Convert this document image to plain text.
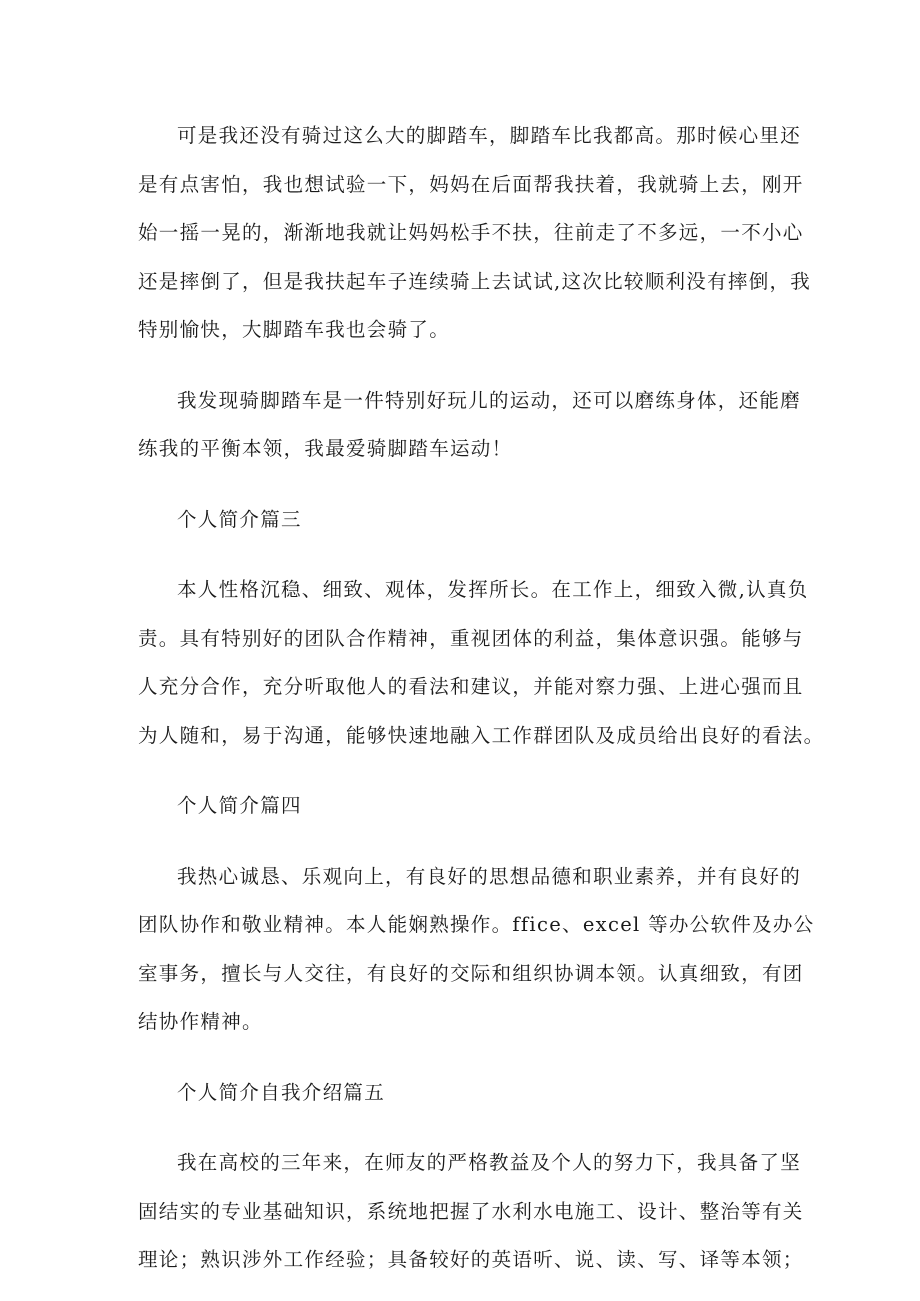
可是我还没有骑过这么大的脚踏车，脚踏车比我都高。那时候心里还
是有点害怕，我也想试验一下，妈妈在后面帮我扶着，我就骑上去，刚开
始一摇一晃的，渐渐地我就让妈妈松手不扶，往前走了不多远，一不小心
还是摔倒了，但是我扶起车子连续骑上去试试,这次比较顺利没有摔倒，我
特别愉快，大脚踏车我也会骑了。

我发现骑脚踏车是一件特别好玩儿的运动，还可以磨练身体，还能磨
练我的平衡本领，我最爱骑脚踏车运动！

个人简介篇三

本人性格沉稳、细致、观体，发挥所长。在工作上，细致入微,认真负
责。具有特别好的团队合作精神，重视团体的利益，集体意识强。能够与
人充分合作，充分听取他人的看法和建议，并能对察力强、上进心强而且
为人随和，易于沟通，能够快速地融入工作群团队及成员给出良好的看法。

个人简介篇四

我热心诚恳、乐观向上，有良好的思想品德和职业素养，并有良好的
团队协作和敬业精神。本人能娴熟操作。ffice、excel 等办公软件及办公
室事务，擅长与人交往，有良好的交际和组织协调本领。认真细致，有团
结协作精神。

个人简介自我介绍篇五

我在高校的三年来，在师友的严格教益及个人的努力下，我具备了坚
固结实的专业基础知识，系统地把握了水利水电施工、设计、整治等有关
理论；熟识涉外工作经验；具备较好的英语听、说、读、写、译等本领；
